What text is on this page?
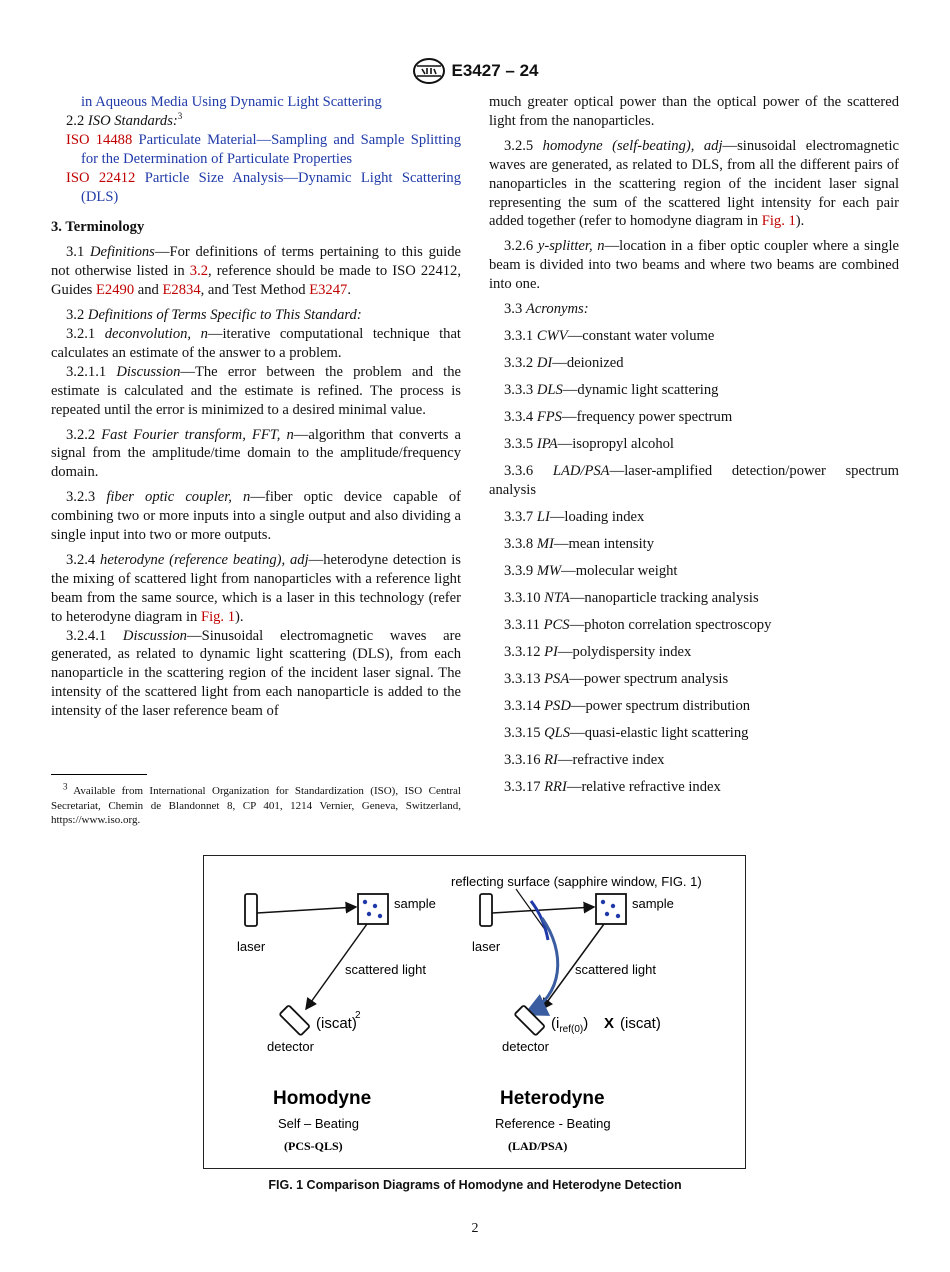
E3427 – 24

in Aqueous Media Using Dynamic Light Scattering

2.2 ISO Standards:$^3$

ISO 14488 Particulate Material—Sampling and Sample Splitting for the Determination of Particulate Properties

ISO 22412 Particle Size Analysis—Dynamic Light Scattering (DLS)

3. Terminology

3.1 Definitions—For definitions of terms pertaining to this guide not otherwise listed in 3.2, reference should be made to ISO 22412, Guides E2490 and E2834, and Test Method E3247.

3.2 Definitions of Terms Specific to This Standard:

3.2.1 deconvolution, n—iterative computational technique that calculates an estimate of the answer to a problem.

3.2.1.1 Discussion—The error between the problem and the estimate is calculated and the estimate is refined. The process is repeated until the error is minimized to a desired minimal value.

3.2.2 Fast Fourier transform, FFT, n—algorithm that converts a signal from the amplitude/time domain to the amplitude/frequency domain.

3.2.3 fiber optic coupler, n—fiber optic device capable of combining two or more inputs into a single output and also dividing a single input into two or more outputs.

3.2.4 heterodyne (reference beating), adj—heterodyne detection is the mixing of scattered light from nanoparticles with a reference light beam from the same source, which is a laser in this technology (refer to heterodyne diagram in Fig. 1).

3.2.4.1 Discussion—Sinusoidal electromagnetic waves are generated, as related to dynamic light scattering (DLS), from each nanoparticle in the scattering region of the incident laser signal. The intensity of the scattered light from each nanoparticle is added to the intensity of the laser reference beam of

$^3$ Available from International Organization for Standardization (ISO), ISO Central Secretariat, Chemin de Blandonnet 8, CP 401, 1214 Vernier, Geneva, Switzerland, https://www.iso.org.

much greater optical power than the optical power of the scattered light from the nanoparticles.

3.2.5 homodyne (self-beating), adj—sinusoidal electromagnetic waves are generated, as related to DLS, from all the different pairs of nanoparticles in the scattering region of the incident laser signal representing the sum of the scattered light intensity for each pair added together (refer to homodyne diagram in Fig. 1).

3.2.6 y-splitter, n—location in a fiber optic coupler where a single beam is divided into two beams and where two beams are combined into one.

3.3 Acronyms:

3.3.1 CWV—constant water volume

3.3.2 DI—deionized

3.3.3 DLS—dynamic light scattering

3.3.4 FPS—frequency power spectrum

3.3.5 IPA—isopropyl alcohol

3.3.6 LAD/PSA—laser-amplified detection/power spectrum analysis

3.3.7 LI—loading index

3.3.8 MI—mean intensity

3.3.9 MW—molecular weight

3.3.10 NTA—nanoparticle tracking analysis

3.3.11 PCS—photon correlation spectroscopy

3.3.12 PI—polydispersity index

3.3.13 PSA—power spectrum analysis

3.3.14 PSD—power spectrum distribution

3.3.15 QLS—quasi-elastic light scattering

3.3.16 RI—refractive index

3.3.17 RRI—relative refractive index

laser
sample
scattered light
(iscat)
2
detector
Homodyne
Self – Beating
(PCS-QLS)
reflecting surface (sapphire window, FIG. 1)
laser
sample
scattered light
$(i_{ref(0)})$ X (iscat)
detector
Heterodyne
Reference - Beating
(LAD/PSA)
FIG. 1 Comparison Diagrams of Homodyne and Heterodyne Detection
2
